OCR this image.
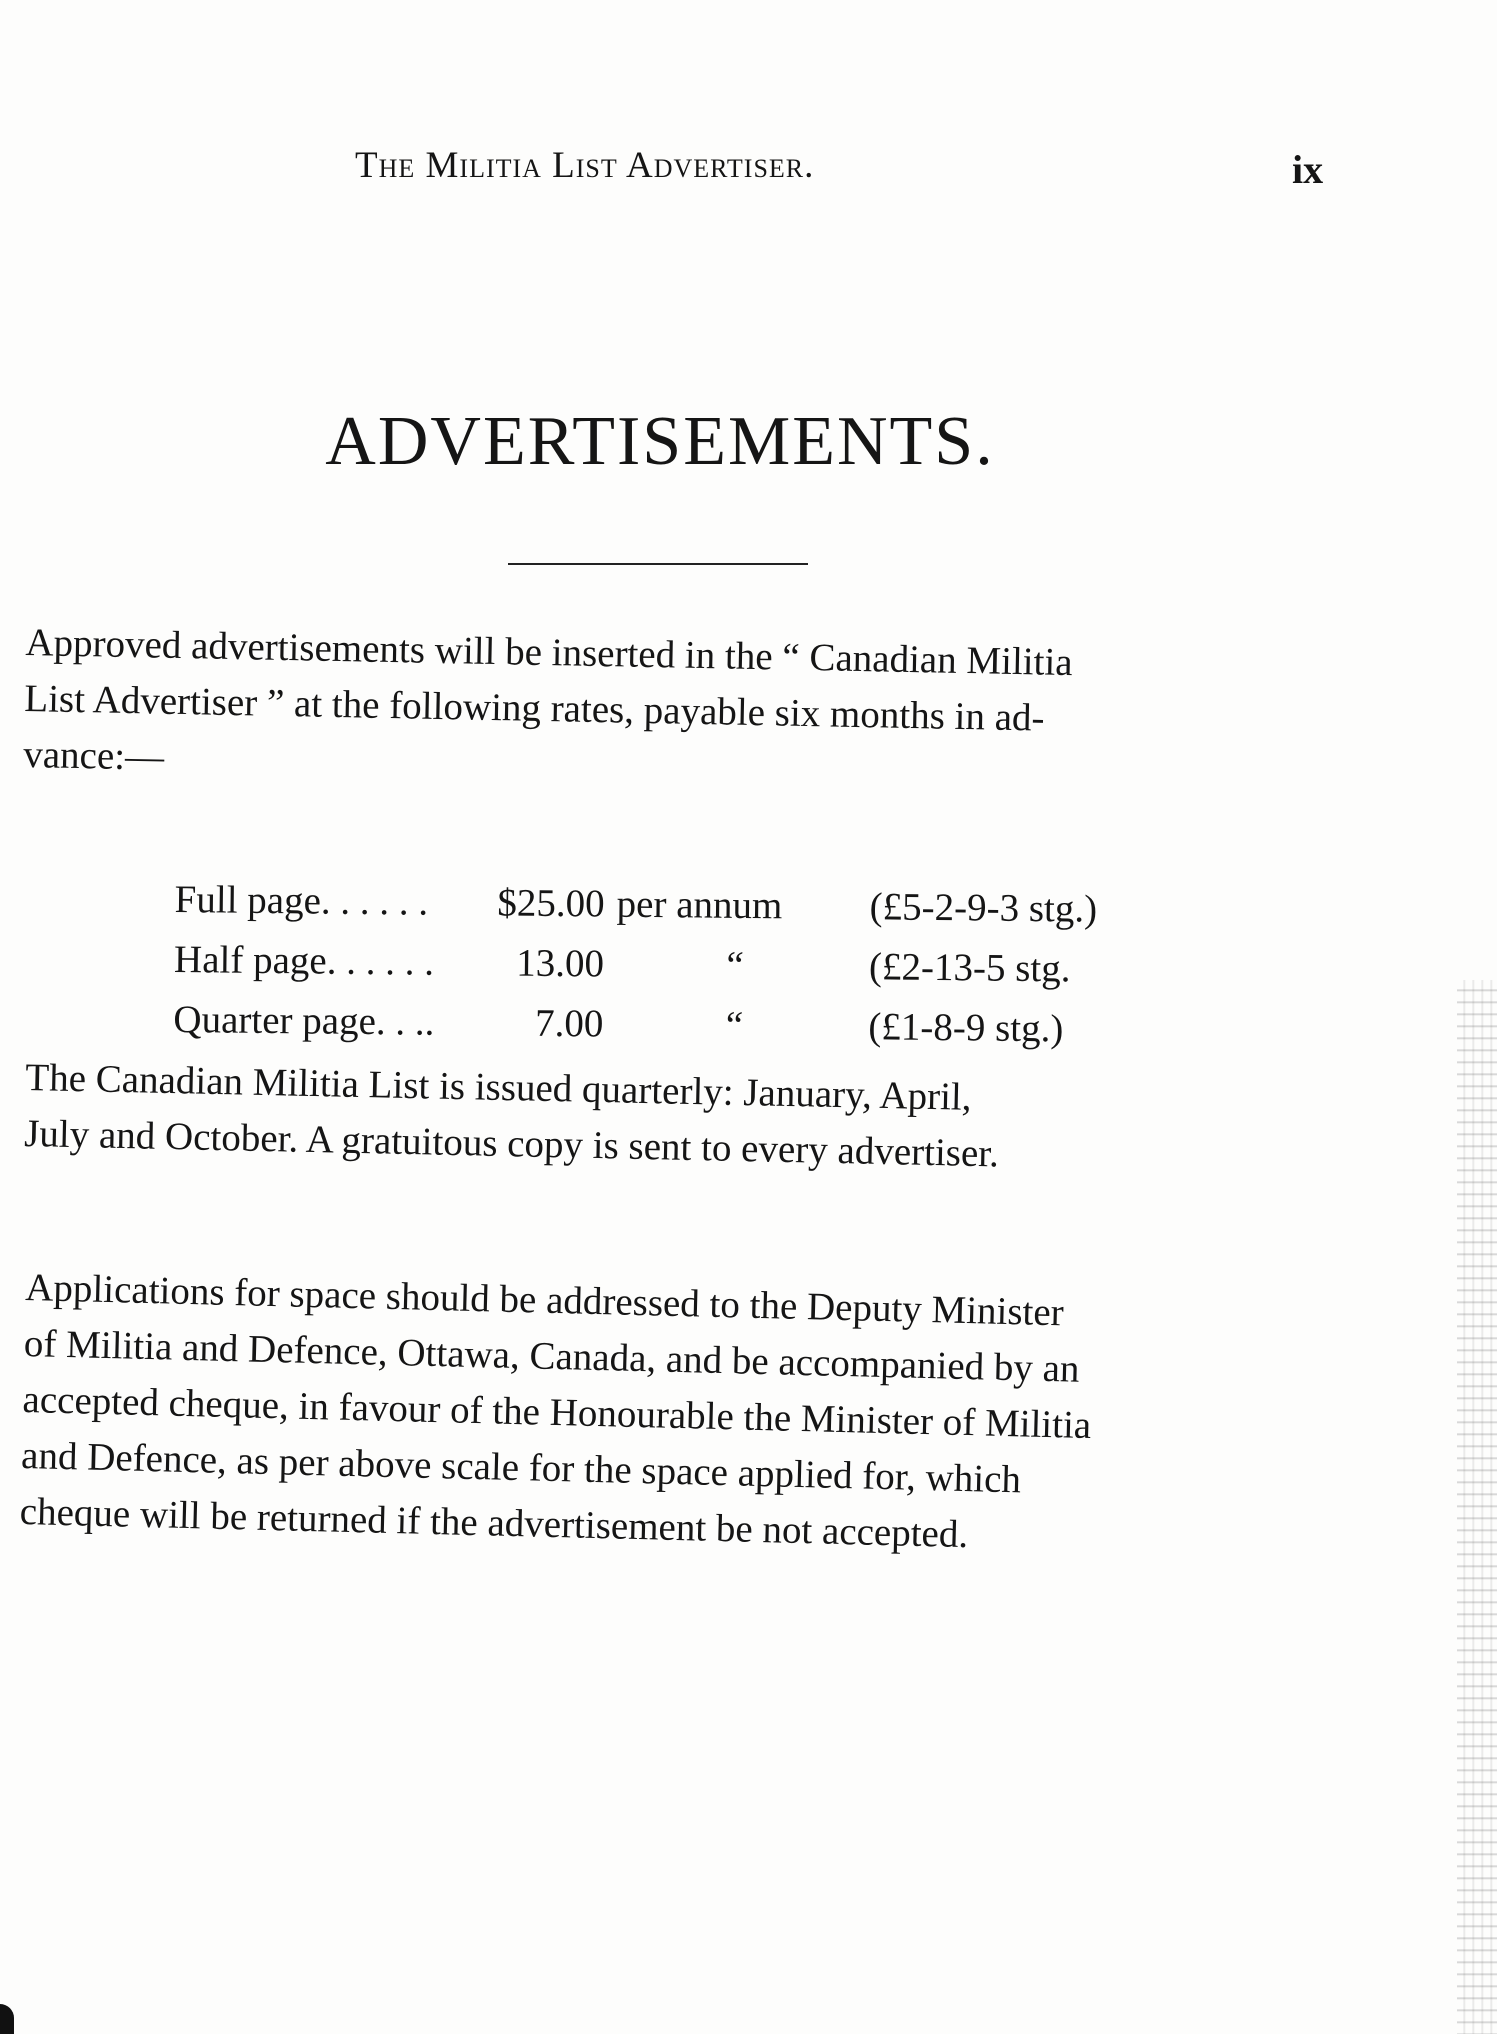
The Militia List Advertiser.	ix
ADVERTISEMENTS.
Approved advertisements will be inserted in the “ Canadian Militia
List Advertiser ” at the following rates, payable six months in ad-
vance:—
Full page. . . . . .	$25.00 per annum	(£5-2-9-3 stg.)
Half page. . . . . .	13.00	“	(£2-13-5 stg.
Quarter page. . ..	7.00	“	(£1-8-9 stg.)
The Canadian Militia List is issued quarterly: January, April,
July and October. A gratuitous copy is sent to every advertiser.
Applications for space should be addressed to the Deputy Minister
of Militia and Defence, Ottawa, Canada, and be accompanied by an
accepted cheque, in favour of the Honourable the Minister of Militia
and Defence, as per above scale for the space applied for, which
cheque will be returned if the advertisement be not accepted.
